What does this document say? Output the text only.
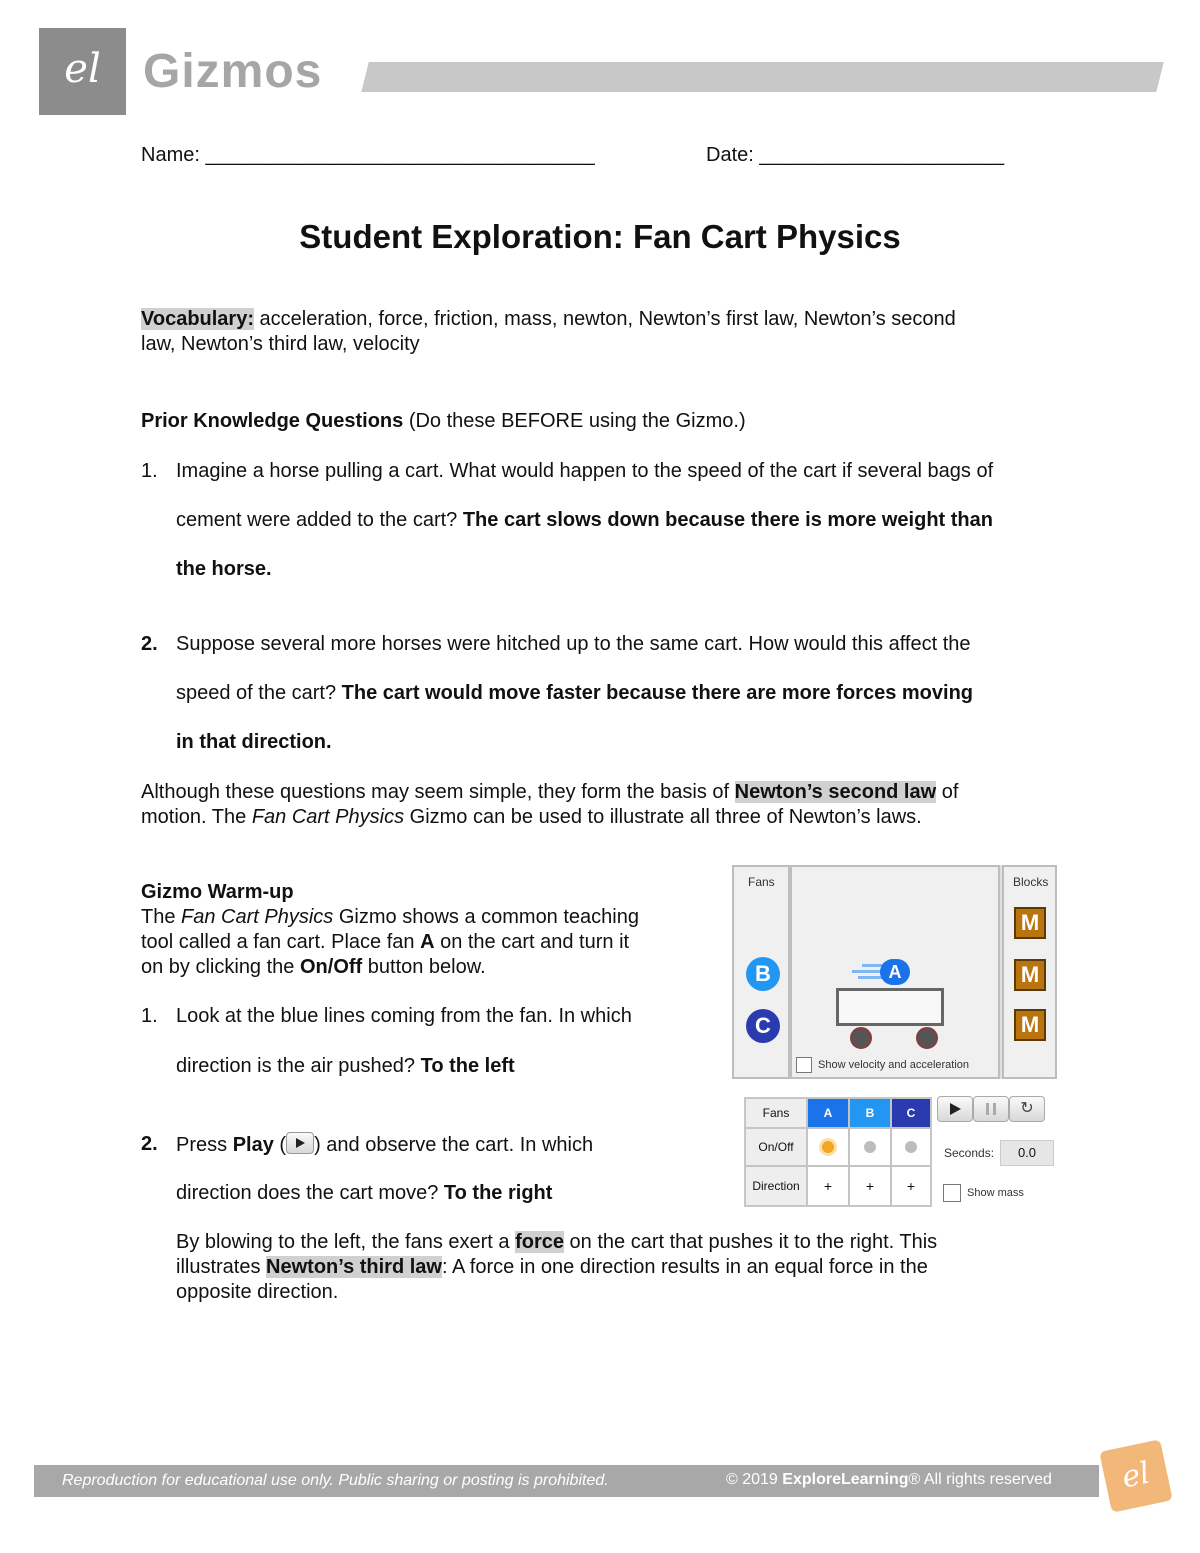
el Gizmos
Name: ___________________________________	Date: ______________________
Student Exploration: Fan Cart Physics
Vocabulary: acceleration, force, friction, mass, newton, Newton’s first law, Newton’s second
law, Newton’s third law, velocity
Prior Knowledge Questions (Do these BEFORE using the Gizmo.)
1. Imagine a horse pulling a cart. What would happen to the speed of the cart if several bags of
cement were added to the cart? The cart slows down because there is more weight than
the horse.
2. Suppose several more horses were hitched up to the same cart. How would this affect the
speed of the cart? The cart would move faster because there are more forces moving
in that direction.
Although these questions may seem simple, they form the basis of Newton’s second law of
motion. The Fan Cart Physics Gizmo can be used to illustrate all three of Newton’s laws.
Gizmo Warm-up
The Fan Cart Physics Gizmo shows a common teaching
tool called a fan cart. Place fan A on the cart and turn it
on by clicking the On/Off button below.
1. Look at the blue lines coming from the fan. In which
direction is the air pushed? To the left
2. Press Play ( ) and observe the cart. In which
direction does the cart move? To the right
By blowing to the left, the fans exert a force on the cart that pushes it to the right. This
illustrates Newton’s third law: A force in one direction results in an equal force in the
opposite direction.
Fans
B
C
A
Show velocity and acceleration
Blocks
M
M
M
Fans	A	B	C
On/Off
Direction	+	+	+
↻
Seconds:	0.0
Show mass
Reproduction for educational use only. Public sharing or posting is prohibited.	© 2019 ExploreLearning® All rights reserved	el
